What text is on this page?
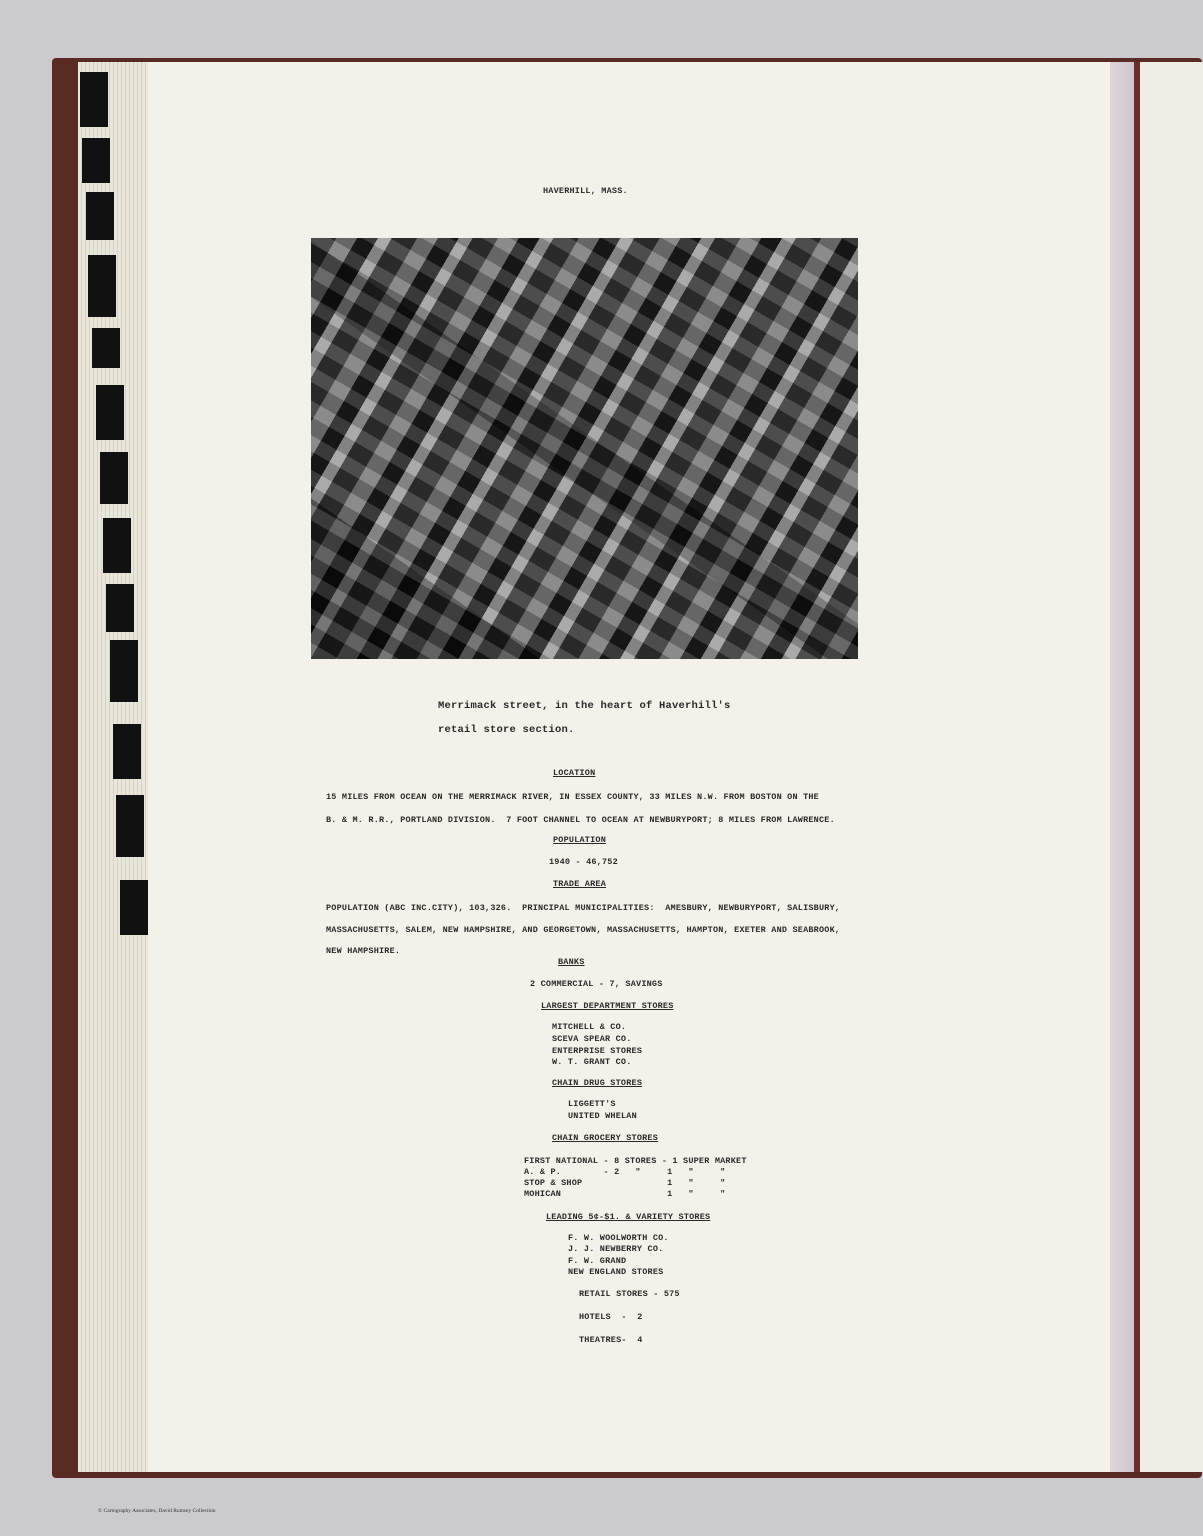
HAVERHILL, MASS.
Merrimack street, in the heart of Haverhill's
retail store section.
LOCATION
15 MILES FROM OCEAN ON THE MERRIMACK RIVER, IN ESSEX COUNTY, 33 MILES N.W. FROM BOSTON ON THE
B. & M. R.R., PORTLAND DIVISION.  7 FOOT CHANNEL TO OCEAN AT NEWBURYPORT; 8 MILES FROM LAWRENCE.
POPULATION
1940 - 46,752
TRADE AREA
POPULATION (ABC INC.CITY), 103,326.  PRINCIPAL MUNICIPALITIES:  AMESBURY, NEWBURYPORT, SALISBURY,
MASSACHUSETTS, SALEM, NEW HAMPSHIRE, AND GEORGETOWN, MASSACHUSETTS, HAMPTON, EXETER AND SEABROOK,
NEW HAMPSHIRE.
BANKS
2 COMMERCIAL - 7, SAVINGS
LARGEST DEPARTMENT STORES
MITCHELL & CO.
SCEVA SPEAR CO.
ENTERPRISE STORES
W. T. GRANT CO.
CHAIN DRUG STORES
LIGGETT'S
UNITED WHELAN
CHAIN GROCERY STORES
FIRST NATIONAL - 8 STORES - 1 SUPER MARKET
A. & P.        - 2   "     1   "     "
STOP & SHOP                1   "     "
MOHICAN                    1   "     "
LEADING 5¢-$1. & VARIETY STORES
F. W. WOOLWORTH CO.
J. J. NEWBERRY CO.
F. W. GRAND
NEW ENGLAND STORES
RETAIL STORES - 575
HOTELS  -  2
THEATRES-  4
© Cartography Associates, David Rumsey Collection
